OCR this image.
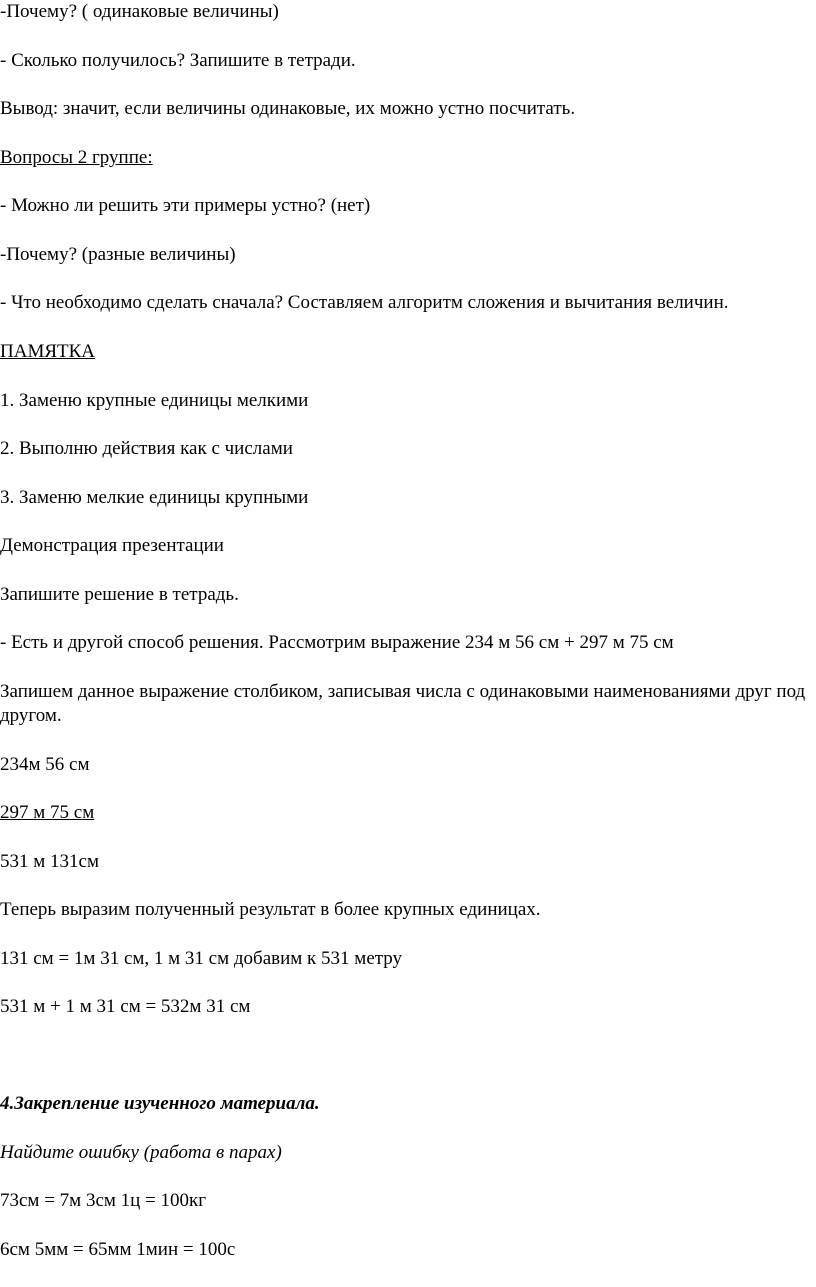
-Почему? ( одинаковые величины)

- Сколько получилось? Запишите в тетради.

Вывод: значит, если величины одинаковые, их можно устно посчитать.

Вопросы 2 группе:

- Можно ли решить эти примеры устно? (нет)

-Почему? (разные величины)

- Что необходимо сделать сначала? Составляем алгоритм сложения и вычитания величин.

ПАМЯТКА

1. Заменю крупные единицы мелкими

2. Выполню действия как с числами

3. Заменю мелкие единицы крупными

Демонстрация презентации

Запишите решение в тетрадь.

- Есть и другой способ решения. Рассмотрим выражение 234 м 56 см + 297 м 75 см

Запишем данное выражение столбиком, записывая числа с одинаковыми наименованиями друг под другом.

234м 56 см

297 м 75 см

531 м 131см

Теперь выразим полученный результат в более крупных единицах.

131 см = 1м 31 см, 1 м 31 см добавим к 531 метру

531 м + 1 м 31 см = 532м 31 см

4.Закрепление изученного материала.

Найдите ошибку (работа в парах)

73см = 7м 3см 1ц = 100кг

6см 5мм = 65мм 1мин = 100с
